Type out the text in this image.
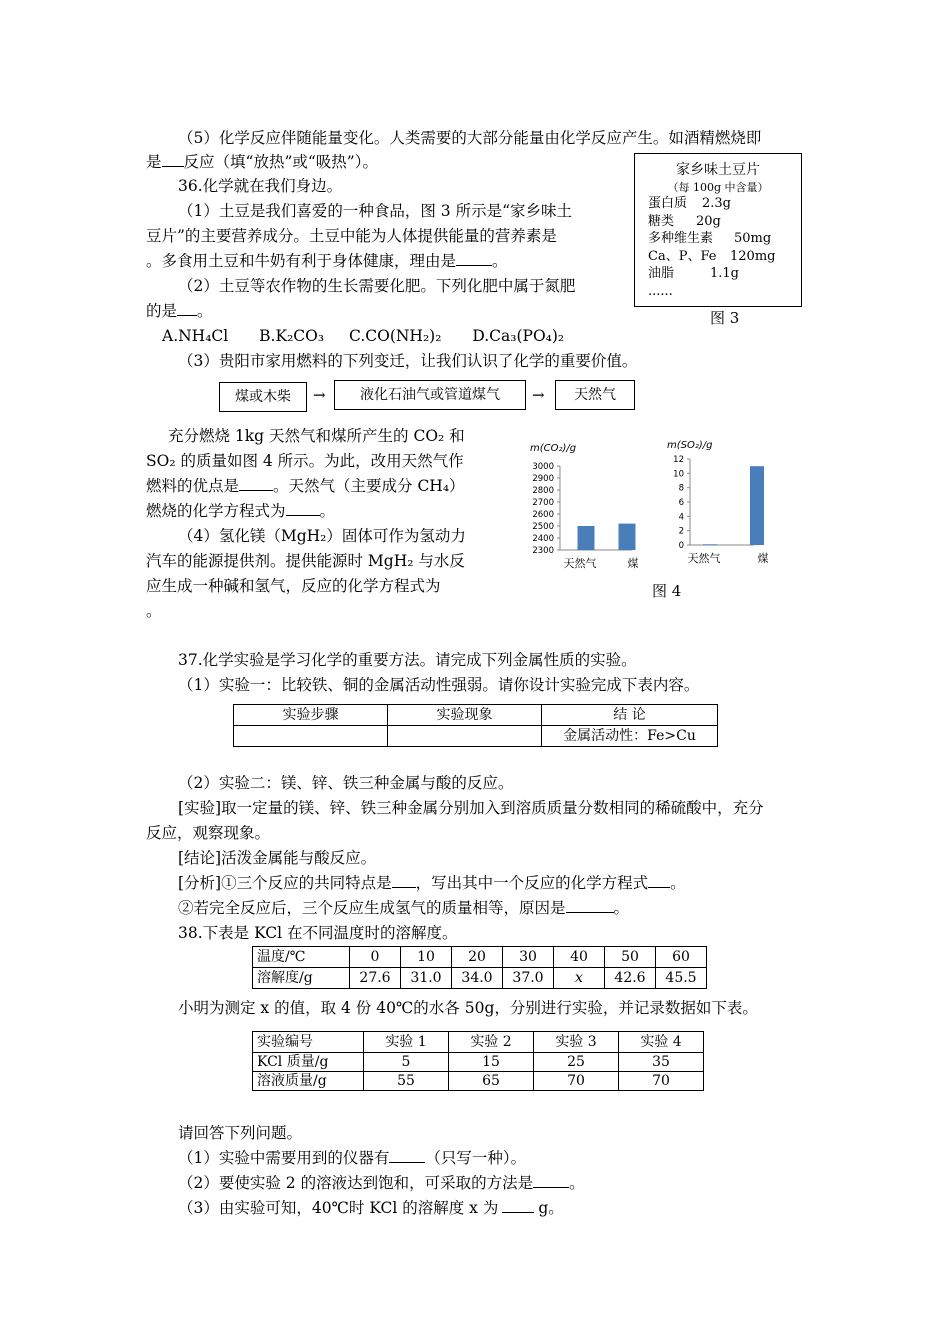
（5）化学反应伴随能量变化。人类需要的大部分能量由化学反应产生。如酒精燃烧即
是 反应（填“放热”或“吸热”）。
36.化学就在我们身边。
（1）土豆是我们喜爱的一种食品，图 3 所示是“家乡味土
豆片”的主要营养成分。土豆中能为人体提供能量的营养素是
。多食用土豆和牛奶有利于身体健康，理由是 。
（2）土豆等农作物的生长需要化肥。下列化肥中属于氮肥
的是 。
A.NH₄Cl B.K₂CO₃ C.CO(NH₂)₂ D.Ca₃(PO₄)₂
家乡味土豆片
（每 100g 中含量）
蛋白质 2.3g
糖类 20g
多种维生素 50mg
Ca、P、Fe 120mg
油脂	1.1g
......
图 3
（3）贵阳市家用燃料的下列变迁，让我们认识了化学的重要价值。
煤或木柴	→	液化石油气或管道煤气	→	天然气
充分燃烧 1kg 天然气和煤所产生的 CO₂ 和
SO₂ 的质量如图 4 所示。为此，改用天然气作
燃料的优点是 。天然气（主要成分 CH₄）
燃烧的化学方程式为 。
（4）氢化镁（MgH₂）固体可作为氢动力
汽车的能源提供剂。提供能源时 MgH₂ 与水反
应生成一种碱和氢气，反应的化学方程式为
。
m(CO₂)/g
3000
2900
2800
2700
2600
2500
2400
2300
天然气	煤
m(SO₂)/g
12
10
8
6
4
2
0
天然气	煤
图 4
37.化学实验是学习化学的重要方法。请完成下列金属性质的实验。
（1）实验一：比较铁、铜的金属活动性强弱。请你设计实验完成下表内容。
实验步骤	实验现象	结 论
		金属活动性：Fe>Cu
（2）实验二：镁、锌、铁三种金属与酸的反应。
[实验]取一定量的镁、锌、铁三种金属分别加入到溶质质量分数相同的稀硫酸中，充分
反应，观察现象。
[结论]活泼金属能与酸反应。
[分析]①三个反应的共同特点是 ，写出其中一个反应的化学方程式 。
②若完全反应后，三个反应生成氢气的质量相等，原因是	。
38.下表是 KCl 在不同温度时的溶解度。
温度/℃	0	10	20	30	40	50	60
溶解度/g	27.6	31.0	34.0	37.0	x	42.6	45.5
小明为测定 x 的值，取 4 份 40℃的水各 50g，分别进行实验，并记录数据如下表。
实验编号	实验 1	实验 2	实验 3	实验 4
KCl 质量/g	5	15	25	35
溶液质量/g	55	65	70	70
请回答下列问题。
（1）实验中需要用到的仪器有 （只写一种）。
（2）要使实验 2 的溶液达到饱和，可采取的方法是 。
（3）由实验可知，40℃时 KCl 的溶解度 x 为	g。
